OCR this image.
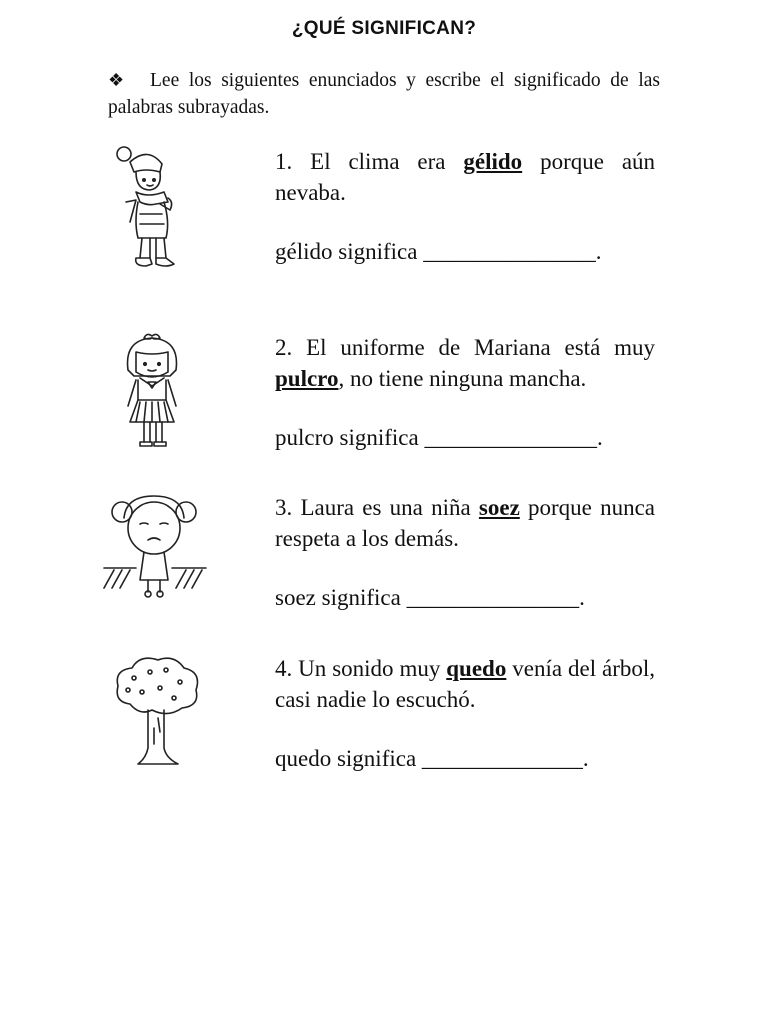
¿QUÉ SIGNIFICAN?
❖ Lee los siguientes enunciados y escribe el significado de las palabras subrayadas.
1. El clima era gélido porque aún nevaba.
gélido significa _______________.
2. El uniforme de Mariana está muy pulcro, no tiene ninguna mancha.
pulcro significa _______________.
3. Laura es una niña soez porque nunca respeta a los demás.
soez significa _______________.
4. Un sonido muy quedo venía del árbol, casi nadie lo escuchó.
quedo significa ______________.
